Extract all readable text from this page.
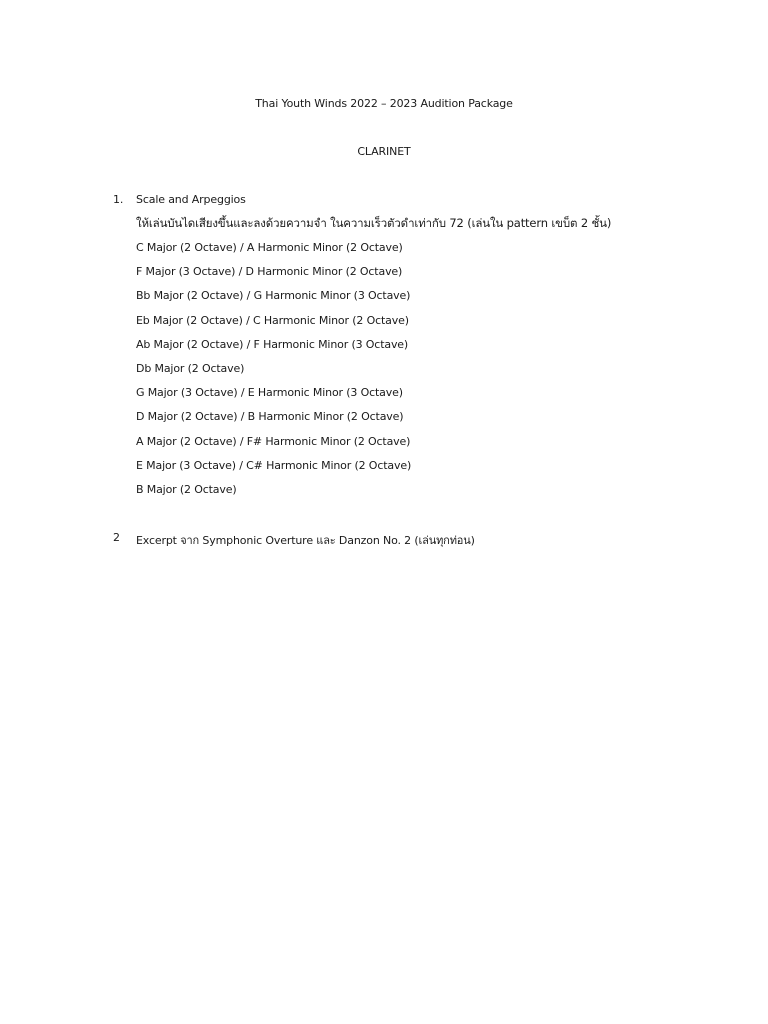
Thai Youth Winds 2022 – 2023 Audition Package
CLARINET
1. Scale and Arpeggios
ให้เล่นบันไดเสียงขึ้นและลงด้วยความจำ ในความเร็วตัวดำเท่ากับ 72 (เล่นใน pattern เขบ็ต 2 ชั้น)
C Major (2 Octave) / A Harmonic Minor (2 Octave)
F Major (3 Octave) / D Harmonic Minor (2 Octave)
Bb Major (2 Octave) / G Harmonic Minor (3 Octave)
Eb Major (2 Octave) / C Harmonic Minor (2 Octave)
Ab Major (2 Octave) / F Harmonic Minor (3 Octave)
Db Major (2 Octave)
G Major (3 Octave) / E Harmonic Minor (3 Octave)
D Major (2 Octave) / B Harmonic Minor (2 Octave)
A Major (2 Octave) / F# Harmonic Minor (2 Octave)
E Major (3 Octave) / C# Harmonic Minor (2 Octave)
B Major (2 Octave)
2 Excerpt จาก Symphonic Overture และ Danzon No. 2 (เล่นทุกท่อน)
